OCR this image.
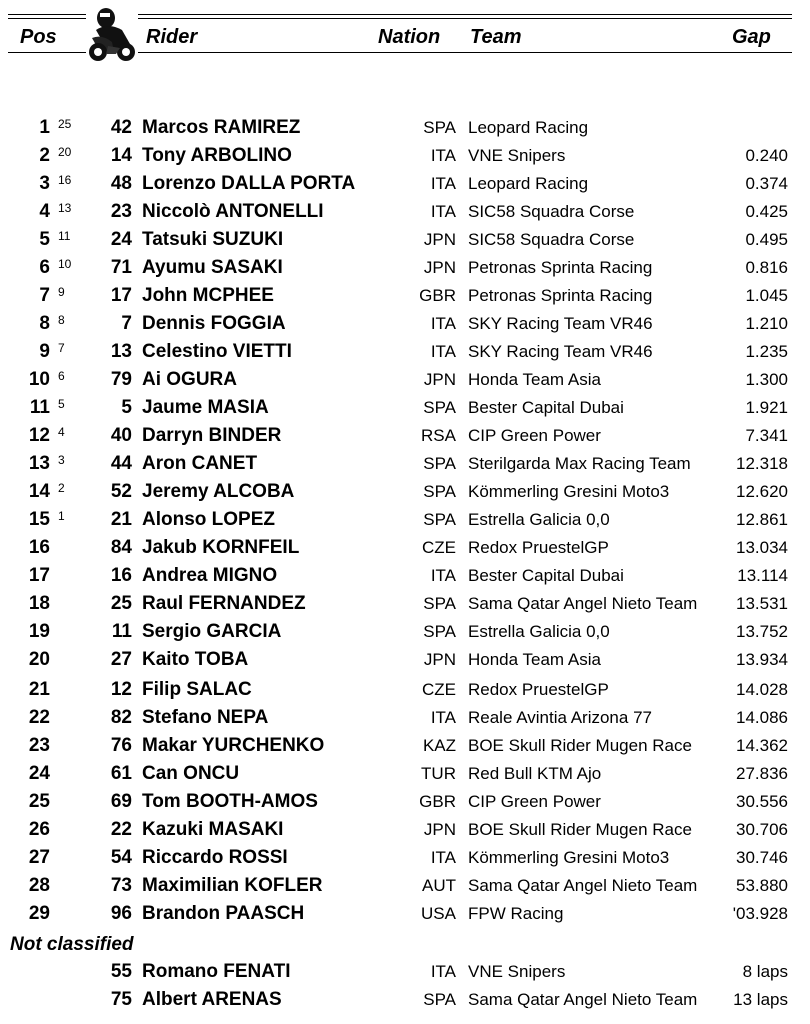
Pos	Rider	Nation Team	Gap
1 25	42 Marcos RAMIREZ	SPA Leopard Racing
2 20	14 Tony ARBOLINO	ITA VNE Snipers	0.240
3 16	48 Lorenzo DALLA PORTA	ITA Leopard Racing	0.374
4 13	23 Niccolò ANTONELLI	ITA SIC58 Squadra Corse	0.425
5 11	24 Tatsuki SUZUKI	JPN SIC58 Squadra Corse	0.495
6 10	71 Ayumu SASAKI	JPN Petronas Sprinta Racing	0.816
7 9	17 John MCPHEE	GBR Petronas Sprinta Racing	1.045
8 8	7 Dennis FOGGIA	ITA SKY Racing Team VR46	1.210
9 7	13 Celestino VIETTI	ITA SKY Racing Team VR46	1.235
10 6	79 Ai OGURA	JPN Honda Team Asia	1.300
11 5	5 Jaume MASIA	SPA Bester Capital Dubai	1.921
12 4	40 Darryn BINDER	RSA CIP Green Power	7.341
13 3	44 Aron CANET	SPA Sterilgarda Max Racing Team	12.318
14 2	52 Jeremy ALCOBA	SPA Kömmerling Gresini Moto3	12.620
15 1	21 Alonso LOPEZ	SPA Estrella Galicia 0,0	12.861
16	84 Jakub KORNFEIL	CZE Redox PruestelGP	13.034
17	16 Andrea MIGNO	ITA Bester Capital Dubai	13.114
18	25 Raul FERNANDEZ	SPA Sama Qatar Angel Nieto Team	13.531
19	11 Sergio GARCIA	SPA Estrella Galicia 0,0	13.752
20	27 Kaito TOBA	JPN Honda Team Asia	13.934
21	12 Filip SALAC	CZE Redox PruestelGP	14.028
22	82 Stefano NEPA	ITA Reale Avintia Arizona 77	14.086
23	76 Makar YURCHENKO	KAZ BOE Skull Rider Mugen Race	14.362
24	61 Can ONCU	TUR Red Bull KTM Ajo	27.836
25	69 Tom BOOTH-AMOS	GBR CIP Green Power	30.556
26	22 Kazuki MASAKI	JPN BOE Skull Rider Mugen Race	30.706
27	54 Riccardo ROSSI	ITA Kömmerling Gresini Moto3	30.746
28	73 Maximilian KOFLER	AUT Sama Qatar Angel Nieto Team	53.880
29	96 Brandon PAASCH	USA FPW Racing	'03.928
Not classified
55 Romano FENATI	ITA VNE Snipers	8 laps
75 Albert ARENAS	SPA Sama Qatar Angel Nieto Team	13 laps
